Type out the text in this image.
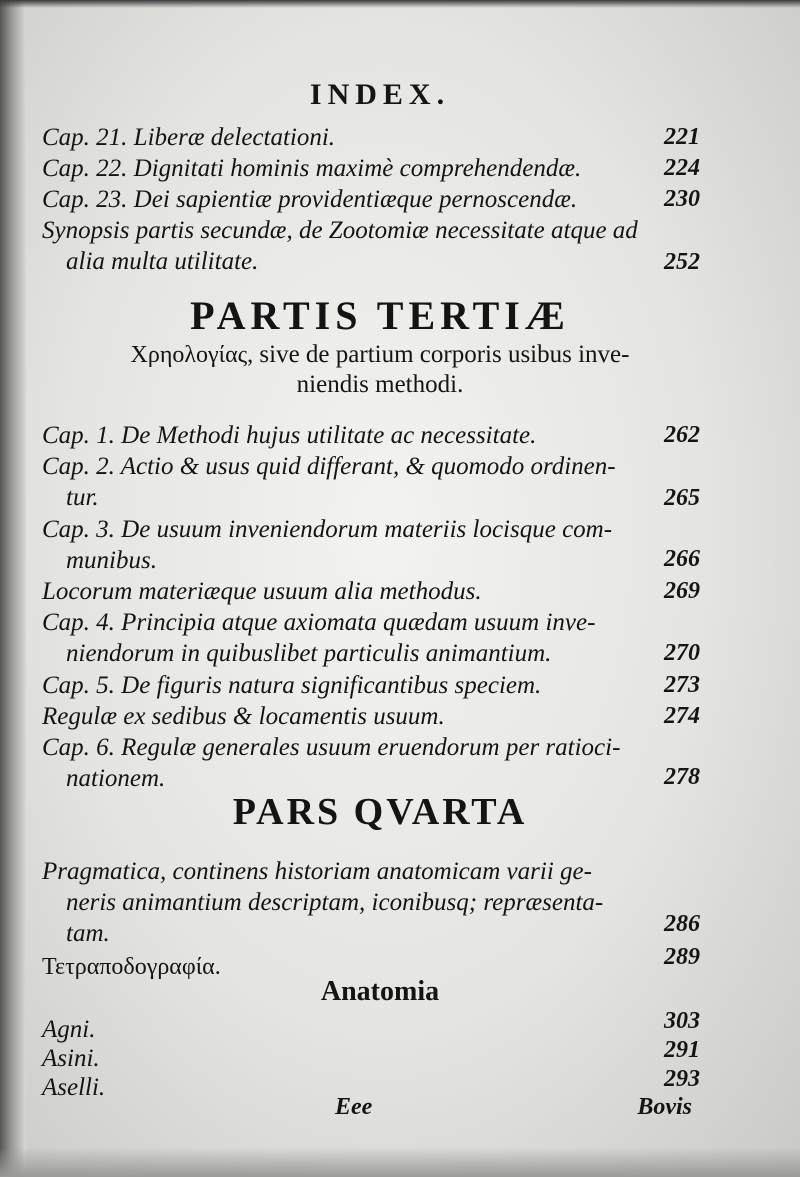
INDEX.
Cap. 21. Liberæ delectationi.	221
Cap. 22. Dignitati hominis maximè comprehendendæ.	224
Cap. 23. Dei sapientiæ providentiæque pernoscendæ.	230
Synopsis partis secundæ, de Zootomiæ necessitate atque ad
alia multa utilitate.	252
PARTIS TERTIÆ
Χρηολογίας, sive de partium corporis usibus inve-
niendis methodi.
Cap. 1. De Methodi hujus utilitate ac necessitate.	262
Cap. 2. Actio & usus quid differant, & quomodo ordinen-
tur.	265
Cap. 3. De usuum inveniendorum materiis locisque com-
munibus.	266
Locorum materiæque usuum alia methodus.	269
Cap. 4. Principia atque axiomata quædam usuum inve-
niendorum in quibuslibet particulis animantium.	270
Cap. 5. De figuris natura significantibus speciem.	273
Regulæ ex sedibus & locamentis usuum.	274
Cap. 6. Regulæ generales usuum eruendorum per ratioci-
nationem.	278
PARS QVARTA
Pragmatica, continens historiam anatomicam varii ge-
neris animantium descriptam, iconibusq; repræsenta-
tam.	286
Τετραποδογραφία.	289
Anatomia
Agni.	303
Asini.	291
Aselli.	293
Eee	Bovis
